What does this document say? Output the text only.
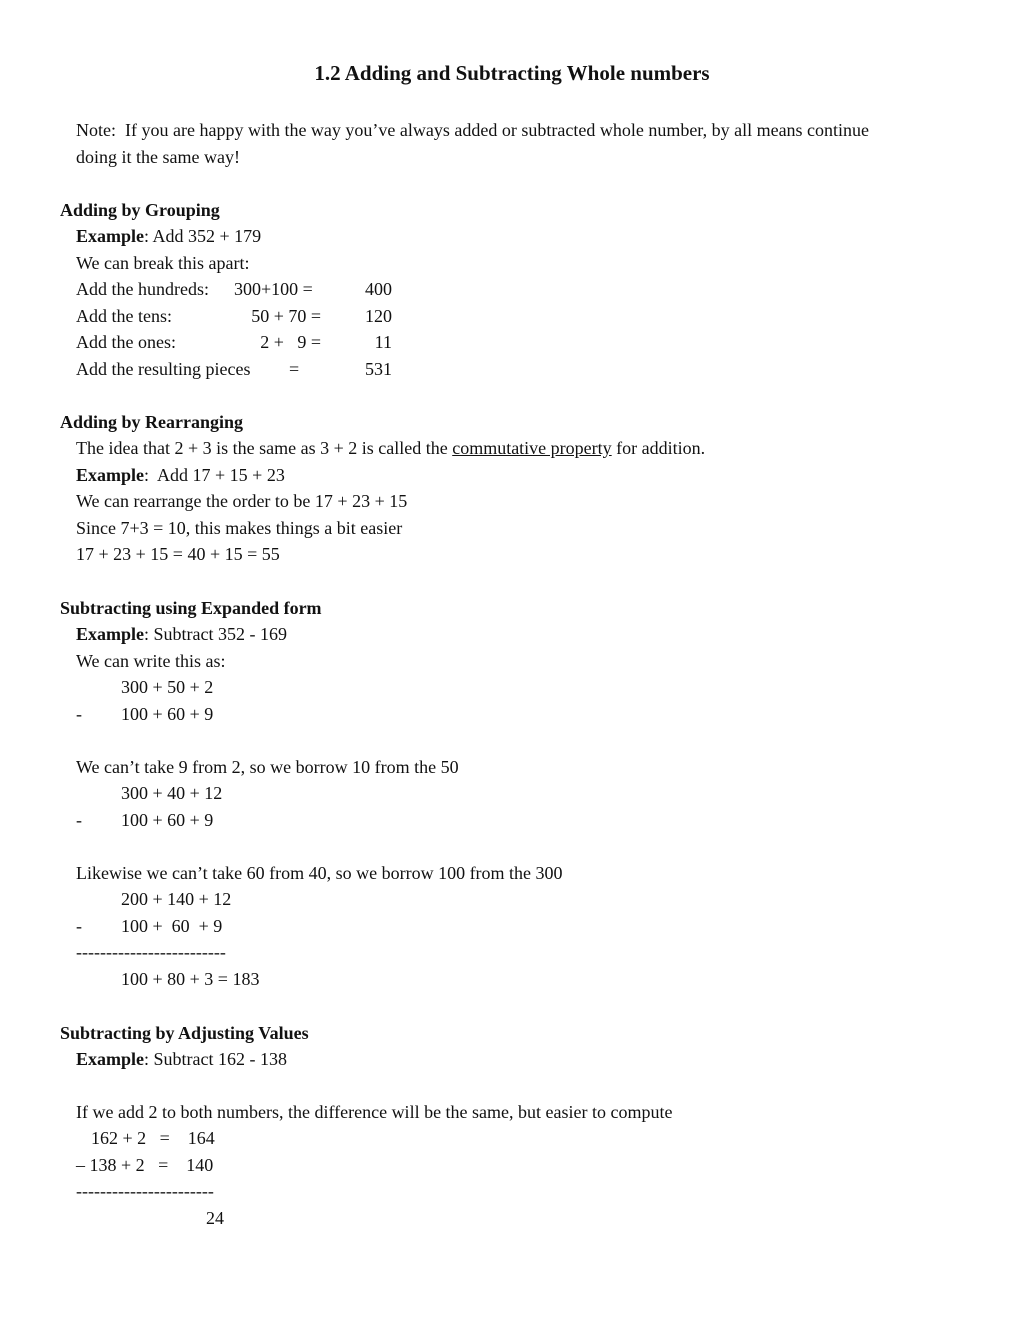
1.2 Adding and Subtracting Whole numbers
Note:  If you are happy with the way you’ve always added or subtracted whole number, by all means continue
doing it the same way!
Adding by Grouping
Example: Add 352 + 179
We can break this apart:
Add the hundreds: 300+100 =	400
Add the tens:	50 + 70 =	120
Add the ones:	2 +   9 =	11
Add the resulting pieces =	531
Adding by Rearranging
The idea that 2 + 3 is the same as 3 + 2 is called the commutative property for addition.
Example:  Add 17 + 15 + 23
We can rearrange the order to be 17 + 23 + 15
Since 7+3 = 10, this makes things a bit easier
17 + 23 + 15 = 40 + 15 = 55
Subtracting using Expanded form
Example: Subtract 352 - 169
We can write this as:
300 + 50 + 2
- 100 + 60 + 9
We can’t take 9 from 2, so we borrow 10 from the 50
300 + 40 + 12
- 100 + 60 + 9
Likewise we can’t take 60 from 40, so we borrow 100 from the 300
200 + 140 + 12
- 100 +  60  + 9
-------------------------
100 + 80 + 3 = 183
Subtracting by Adjusting Values
Example: Subtract 162 - 138
If we add 2 to both numbers, the difference will be the same, but easier to compute
162 + 2   =    164
– 138 + 2   =    140
-----------------------
24
